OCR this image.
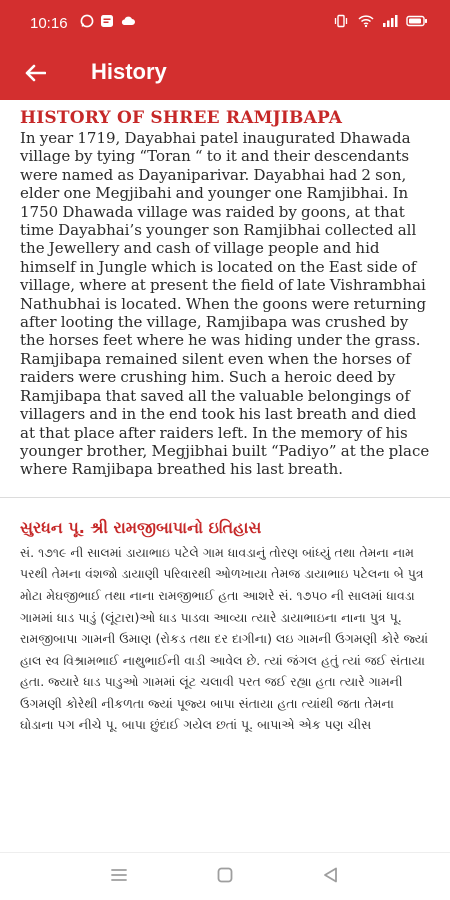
10:16
History
HISTORY OF SHREE RAMJIBAPA
In year 1719, Dayabhai patel inaugurated Dhawada village by tying “Toran “ to it and their descendants were named as Dayaniparivar. Dayabhai had 2 son, elder one Megjibahi and younger one Ramjibhai. In 1750 Dhawada village was raided by goons, at that time Dayabhai’s younger son Ramjibhai collected all the Jewellery and cash of village people and hid himself in Jungle which is located on the East side of village, where at present the field of late Vishrambhai Nathubhai is located. When the goons were returning after looting the village, Ramjibapa was crushed by the horses feet where he was hiding under the grass. Ramjibapa remained silent even when the horses of raiders were crushing him. Such a heroic deed by Ramjibapa that saved all the valuable belongings of villagers and in the end took his last breath and died at that place after raiders left. In the memory of his younger brother, Megjibhai built “Padiyo” at the place where Ramjibapa breathed his last breath.
સુરધન પૂ. શ્રી રામજીબાપાનો ઇતિહાસ
સં. ૧૭૧૯ ની સાલમાં ડાયાભાઇ પટેલે ગામ ધાવડાનું તોરણ બાંધ્યું તથા તેમના નામ પરથી તેમના વંશજો ડાયાણી પરિવારથી ઓળખાયા તેમજ ડાયાભાઇ પટેલના બે પુત્ર મોટા મેઘજીભાઈ તથા નાના રામજીભાઈ હતા આશરે સં. ૧૭૫૦ ની સાલમાં ધાવડા ગામમાં ધાડ પાડું (લૂંટારા)ઓ ધાડ પાડવા આવ્યા ત્યારે ડાયાભાઇના નાના પુત્ર પૂ. રામજીબાપા ગામની ઉમાણ (રોકડ તથા દર દાગીના) લઇ ગામની ઉગમણી કોરે જ્યાં હાલ સ્વ વિશ્રામભાઈ નાથુભાઈની વાડી આવેલ છે. ત્યાં જંગલ હતું ત્યાં જઈ સંતાયા હતા. જ્યારે ધાડ પાડુઓ ગામમાં લૂંટ ચલાવી પરત જઈ રહ્યા હતા ત્યારે ગામની ઉગમણી કોરેથી નીકળતા જ્યાં પૂજ્ય બાપા સંતાયા હતા ત્યાંથી જતા તેમના ઘોડાના પગ નીચે પૂ. બાપા છુંદાઈ ગયેલ છતાં પૂ. બાપાએ એક પણ ચીસ
